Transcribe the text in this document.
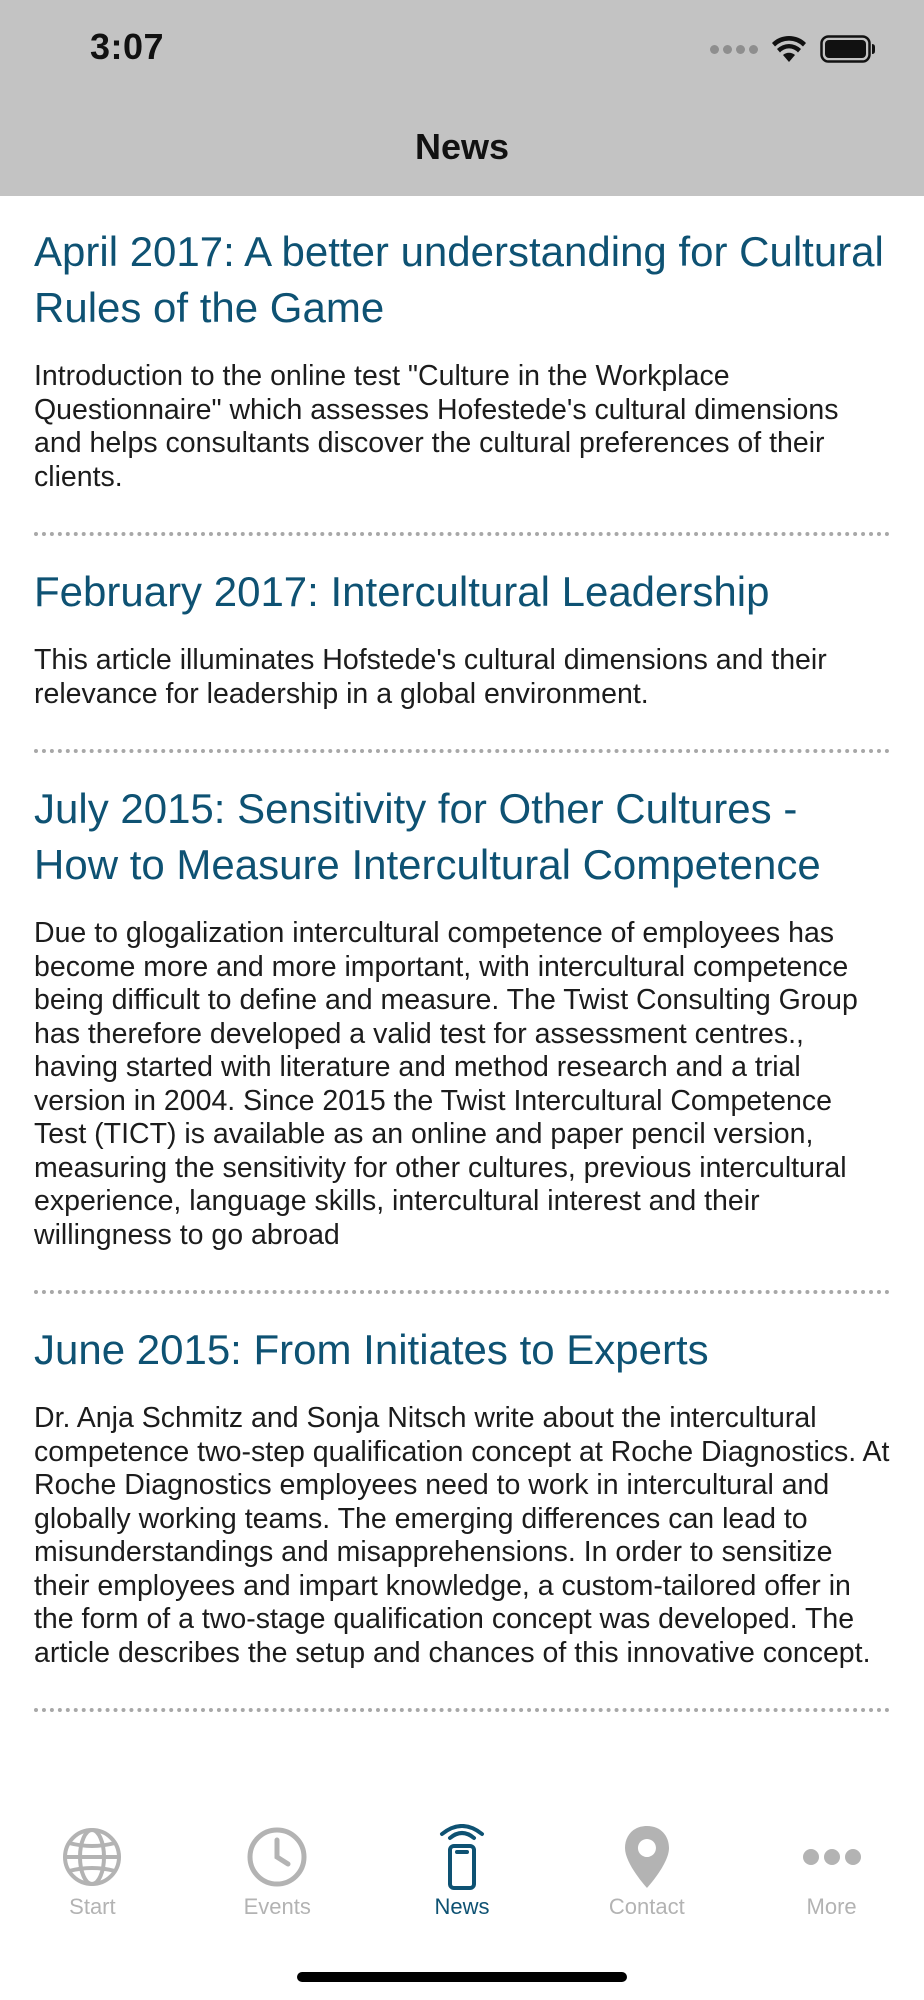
3:07
News
April 2017: A better understanding for Cultural Rules of the Game

Introduction to the online test "Culture in the Workplace Questionnaire" which assesses Hofestede's cultural dimensions and helps consultants discover the cultural preferences of their clients.

February 2017: Intercultural Leadership

This article illuminates Hofstede's cultural dimensions and their relevance for leadership in a global environment.

July 2015: Sensitivity for Other Cultures - How to Measure Intercultural Competence

Due to glogalization intercultural competence of employees has become more and more important, with intercultural competence being difficult to define and measure. The Twist Consulting Group has therefore developed a valid test for assessment centres., having started with literature and method research and a trial version in 2004. Since 2015 the Twist Intercultural Competence Test (TICT) is available as an online and paper pencil version, measuring the sensitivity for other cultures, previous intercultural experience, language skills, intercultural interest and their willingness to go abroad

June 2015: From Initiates to Experts

Dr. Anja Schmitz and Sonja Nitsch write about the intercultural competence two-step qualification concept at Roche Diagnostics. At Roche Diagnostics employees need to work in intercultural and globally working teams. The emerging differences can lead to misunderstandings and misapprehensions. In order to sensitize their employees and impart knowledge, a custom-tailored offer in the form of a two-stage qualification concept was developed. The article describes the setup and chances of this innovative concept.

Start	Events	News	Contact	More
